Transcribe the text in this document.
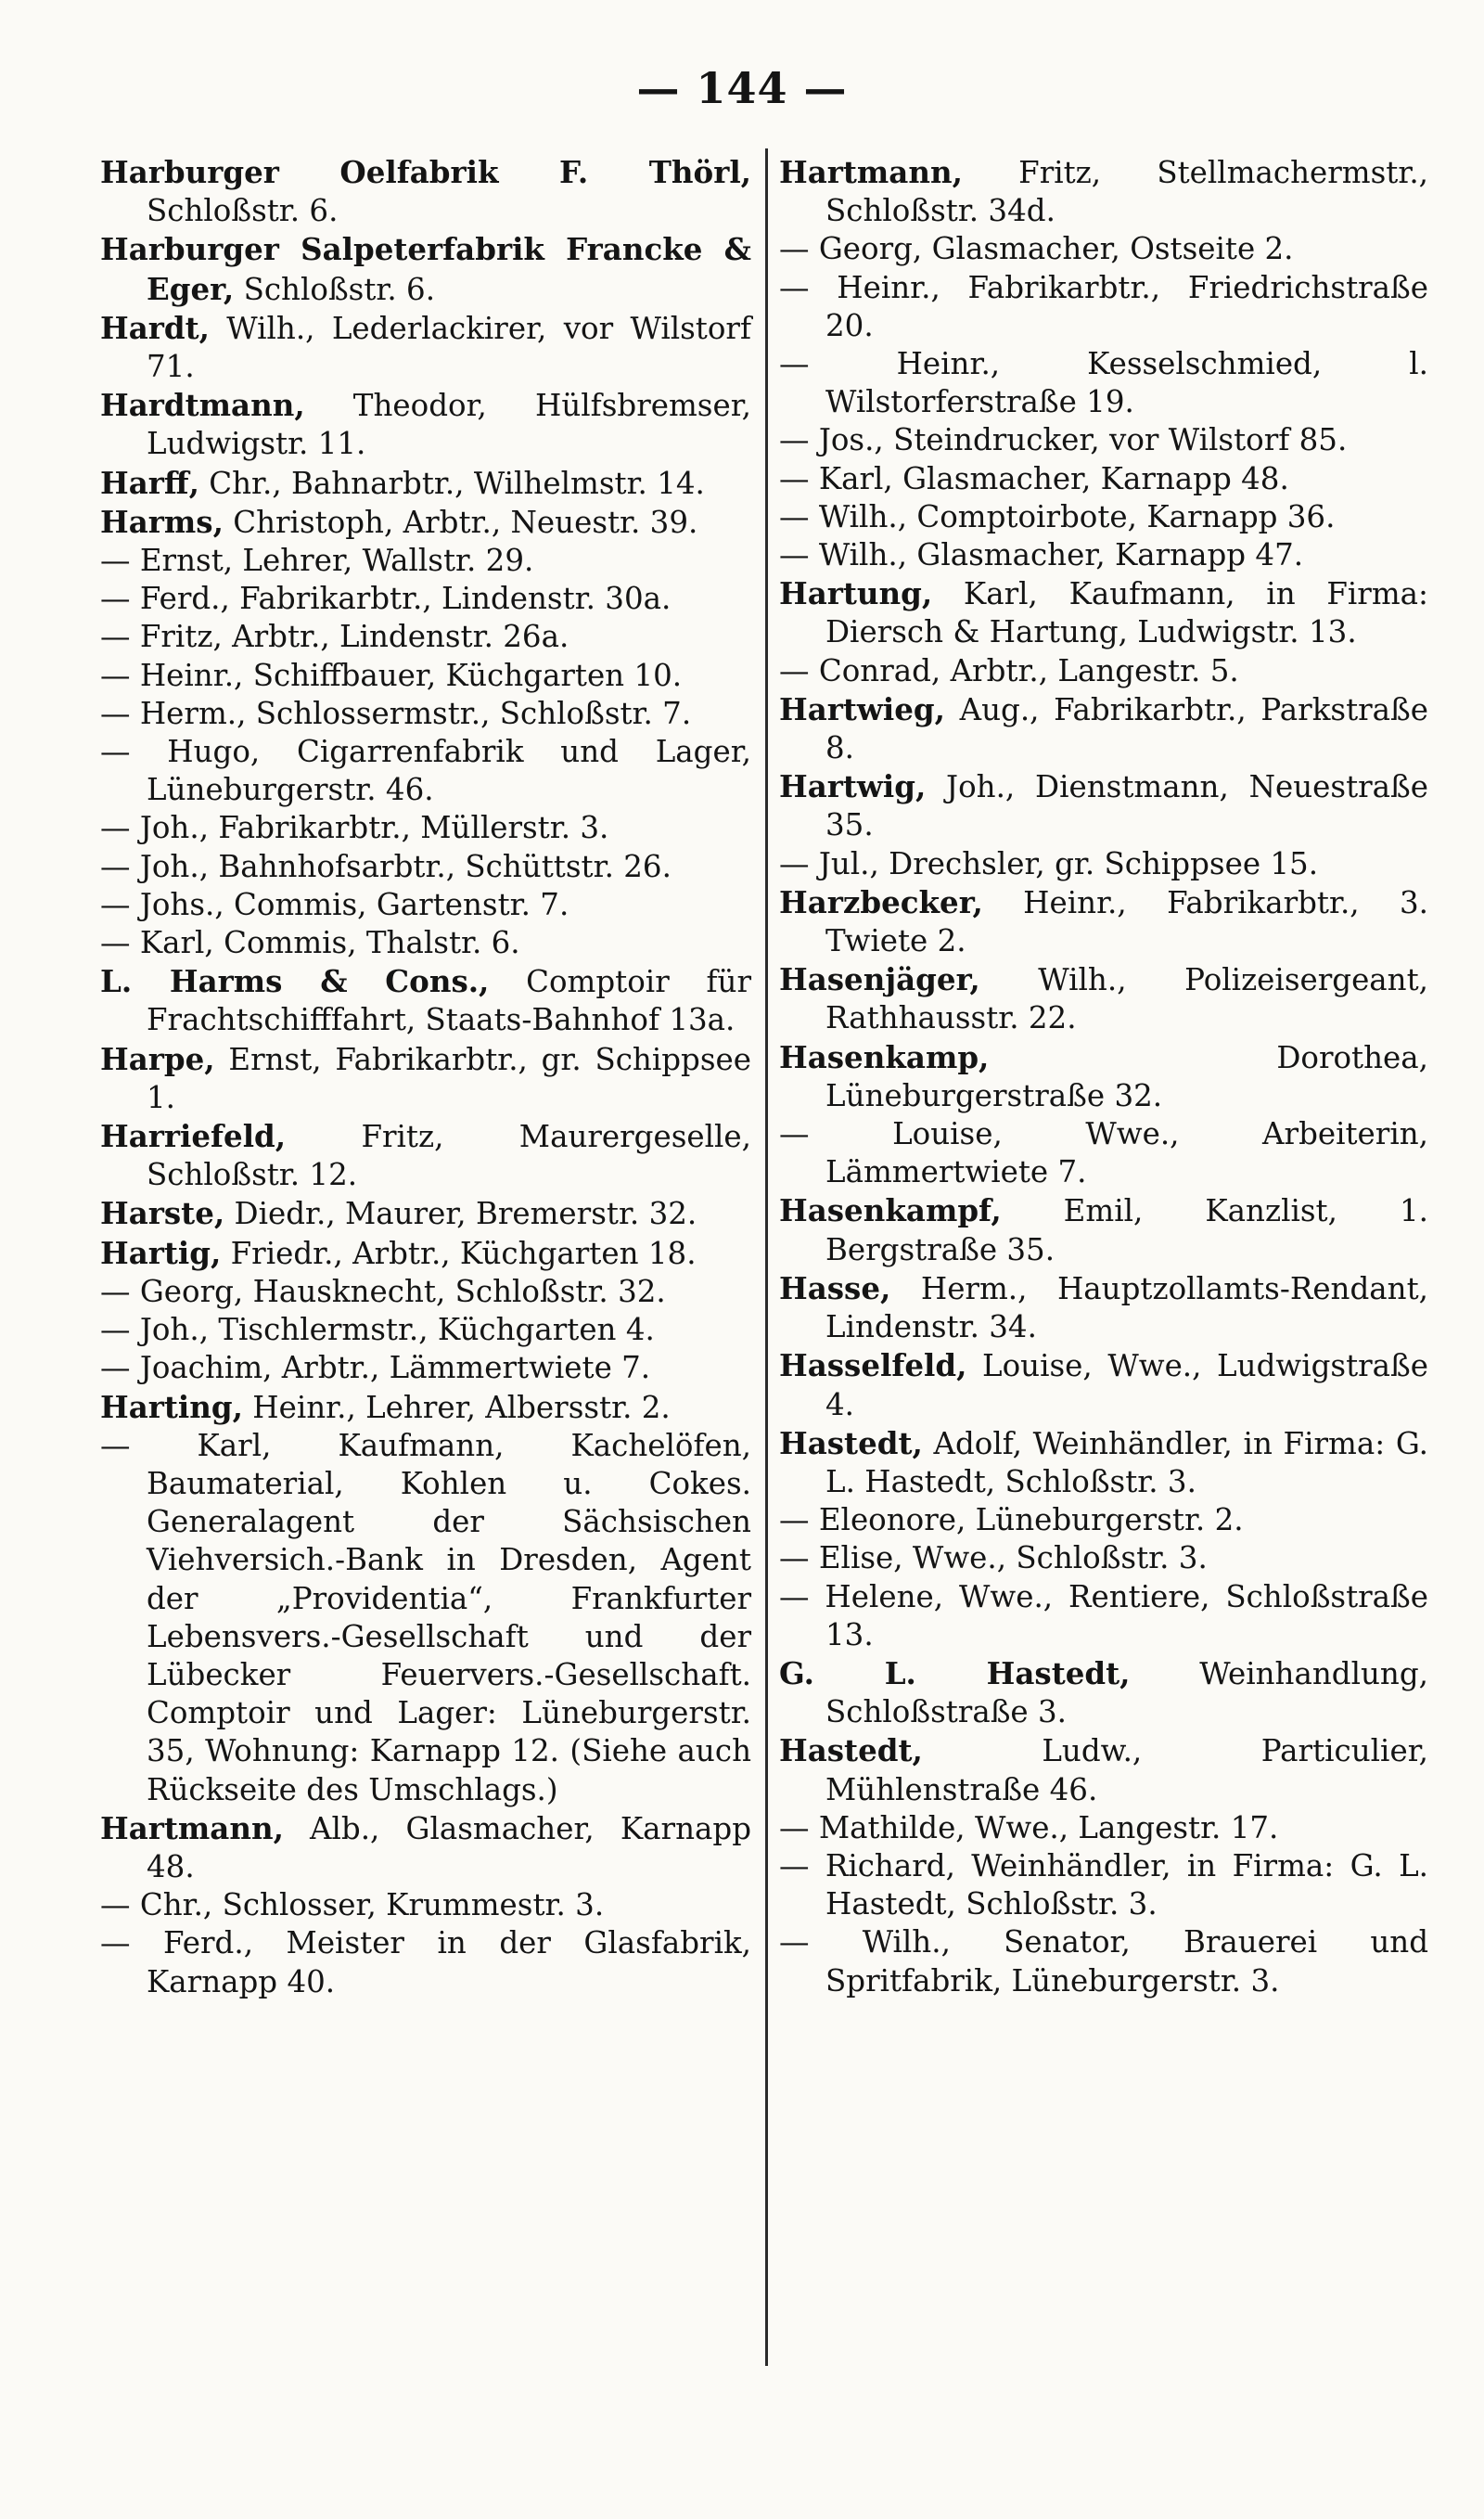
— 144 —

Harburger Oelfabrik F. Thörl, Schloßstr. 6.

Harburger Salpeterfabrik Francke & Eger, Schloßstr. 6.

Hardt, Wilh., Lederlackirer, vor Wilstorf 71.

Hardtmann, Theodor, Hülfsbremser, Ludwigstr. 11.

Harff, Chr., Bahnarbtr., Wilhelmstr. 14.

Harms, Christoph, Arbtr., Neuestr. 39.

— Ernst, Lehrer, Wallstr. 29.

— Ferd., Fabrikarbtr., Lindenstr. 30a.

— Fritz, Arbtr., Lindenstr. 26a.

— Heinr., Schiffbauer, Küchgarten 10.

— Herm., Schlossermstr., Schloßstr. 7.

— Hugo, Cigarrenfabrik und Lager, Lüneburgerstr. 46.

— Joh., Fabrikarbtr., Müllerstr. 3.

— Joh., Bahnhofsarbtr., Schüttstr. 26.

— Johs., Commis, Gartenstr. 7.

— Karl, Commis, Thalstr. 6.

L. Harms & Cons., Comptoir für Frachtschifffahrt, Staats-Bahnhof 13a.

Harpe, Ernst, Fabrikarbtr., gr. Schippsee 1.

Harriefeld, Fritz, Maurergeselle, Schloßstr. 12.

Harste, Diedr., Maurer, Bremerstr. 32.

Hartig, Friedr., Arbtr., Küchgarten 18.

— Georg, Hausknecht, Schloßstr. 32.

— Joh., Tischlermstr., Küchgarten 4.

— Joachim, Arbtr., Lämmertwiete 7.

Harting, Heinr., Lehrer, Albersstr. 2.

— Karl, Kaufmann, Kachelöfen, Baumaterial, Kohlen u. Cokes. Generalagent der Sächsischen Viehversich.-Bank in Dresden, Agent der „Providentia“, Frankfurter Lebensvers.-Gesellschaft und der Lübecker Feuervers.-Gesellschaft. Comptoir und Lager: Lüneburgerstr. 35, Wohnung: Karnapp 12. (Siehe auch Rückseite des Umschlags.)

Hartmann, Alb., Glasmacher, Karnapp 48.

— Chr., Schlosser, Krummestr. 3.

— Ferd., Meister in der Glasfabrik, Karnapp 40.

Hartmann, Fritz, Stellmachermstr., Schloßstr. 34d.

— Georg, Glasmacher, Ostseite 2.

— Heinr., Fabrikarbtr., Friedrichstraße 20.

— Heinr., Kesselschmied, l. Wilstorferstraße 19.

— Jos., Steindrucker, vor Wilstorf 85.

— Karl, Glasmacher, Karnapp 48.

— Wilh., Comptoirbote, Karnapp 36.

— Wilh., Glasmacher, Karnapp 47.

Hartung, Karl, Kaufmann, in Firma: Diersch & Hartung, Ludwigstr. 13.

— Conrad, Arbtr., Langestr. 5.

Hartwieg, Aug., Fabrikarbtr., Parkstraße 8.

Hartwig, Joh., Dienstmann, Neuestraße 35.

— Jul., Drechsler, gr. Schippsee 15.

Harzbecker, Heinr., Fabrikarbtr., 3. Twiete 2.

Hasenjäger, Wilh., Polizeisergeant, Rathhausstr. 22.

Hasenkamp, Dorothea, Lüneburgerstraße 32.

— Louise, Wwe., Arbeiterin, Lämmertwiete 7.

Hasenkampf, Emil, Kanzlist, 1. Bergstraße 35.

Hasse, Herm., Hauptzollamts-Rendant, Lindenstr. 34.

Hasselfeld, Louise, Wwe., Ludwigstraße 4.

Hastedt, Adolf, Weinhändler, in Firma: G. L. Hastedt, Schloßstr. 3.

— Eleonore, Lüneburgerstr. 2.

— Elise, Wwe., Schloßstr. 3.

— Helene, Wwe., Rentiere, Schloßstraße 13.

G. L. Hastedt, Weinhandlung, Schloßstraße 3.

Hastedt, Ludw., Particulier, Mühlenstraße 46.

— Mathilde, Wwe., Langestr. 17.

— Richard, Weinhändler, in Firma: G. L. Hastedt, Schloßstr. 3.

— Wilh., Senator, Brauerei und Spritfabrik, Lüneburgerstr. 3.
